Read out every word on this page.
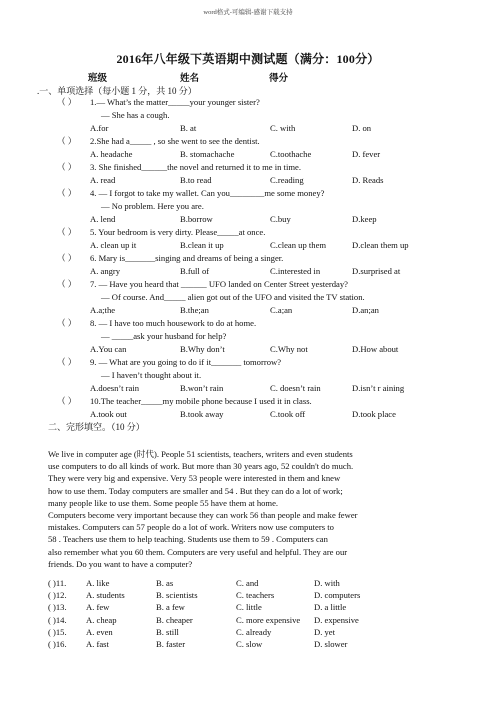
word格式-可编辑-感谢下载支持
2016年八年级下英语期中测试题（满分：100分）
班级	姓名	得分
.一、单项选择（每小题 1 分，共 10 分）
（ ） 1.— What’s the matter_____your younger sister?
— She has a cough.
A.for	B. at	C. with	D. on
（ ） 2.She had a_____ , so she went to see the dentist.
A. headache	B. stomachache	C.toothache	D. fever
（ ） 3. She finished______the novel and returned it to me in time.
A. read	B.to read	C.reading	D. Reads
（ ） 4. — I forgot to take my wallet. Can you________me some money?
— No problem. Here you are.
A. lend	B.borrow	C.buy	D.keep
（ ） 5. Your bedroom is very dirty. Please_____at once.
A. clean up it	B.clean it up	C.clean up them	D.clean them up
（ ） 6. Mary is_______singing and dreams of being a singer.
A. angry	B.full of	C.interested in	D.surprised at
（ ） 7. — Have you heard that ______ UFO landed on Center Street yesterday?
— Of course. And_____ alien got out of the UFO and visited the TV station.
A.a;the	B.the;an	C.a;an	D.an;an
（ ） 8. — I have too much housework to do at home.
— _____ask your husband for help?
A.You can	B.Why don’t	C.Why not	D.How about
（ ） 9. — What are you going to do if it_______ tomorrow?
— I haven’t thought about it.
A.doesn’t rain	B.won’t rain	C. doesn’t rain	D.isn’t r aining
（ ） 10.The teacher_____my mobile phone because I used it in class.
A.took out	B.took away	C.took off	D.took place
二、完形填空。（10 分）

We live in computer age (时代). People 51 scientists, teachers, writers and even students

use computers to do all kinds of work. But more than 30 years ago, 52 couldn't do much.

They were very big and expensive. Very 53 people were interested in them and knew

how to use them. Today computers are smaller and 54 . But they can do a lot of work;

many people like to use them. Some people 55 have them at home.

Computers become very important because they can work 56 than people and make fewer

mistakes. Computers can 57 people do a lot of work. Writers now use computers to

58 . Teachers use them to help teaching. Students use them to 59 . Computers can

also remember what you 60 them. Computers are very useful and helpful. They are our

friends. Do you want to have a computer?

( )11. A. like	B. as	C. and	D. with
( )12. A. students	B. scientists	C. teachers	D. computers
( )13. A. few	B. a few	C. little	D. a little
( )14. A. cheap	B. cheaper	C. more expensive D. expensive
( )15. A. even	B. still	C. already	D. yet
( )16. A. fast	B. faster	C. slow	D. slower
